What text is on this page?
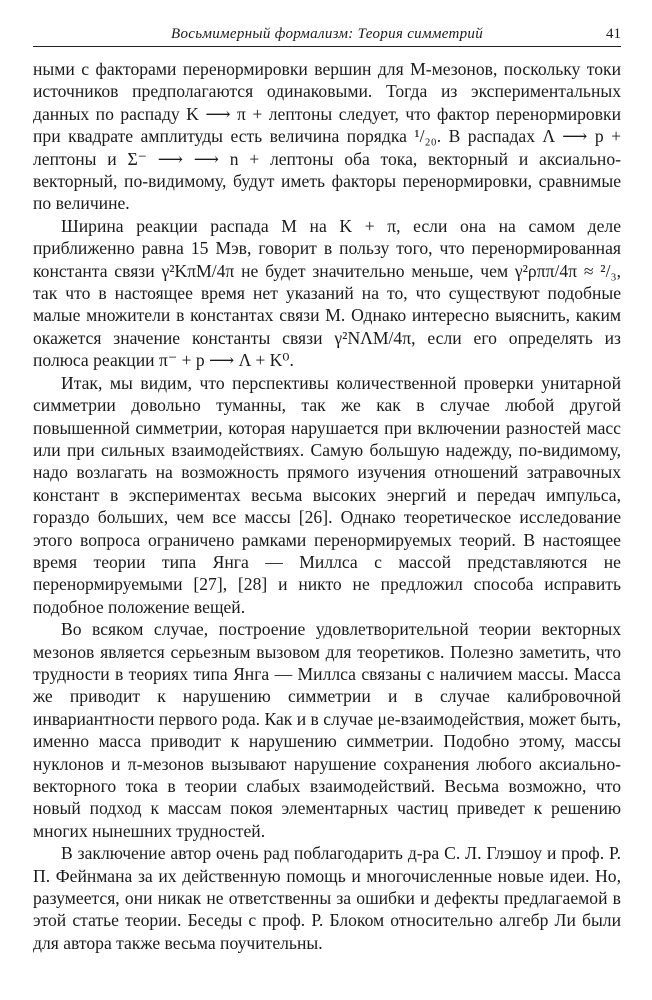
Восьмимерный формализм: Теория симметрий	41

ными с факторами перенормировки вершин для M-мезонов, поскольку токи источников предполагаются одинаковыми. Тогда из экспериментальных данных по распаду K ⟶ π + лептоны следует, что фактор перенормировки при квадрате амплитуды есть величина порядка ¹/₂₀. В распадах Λ ⟶ p + лептоны и Σ⁻ ⟶ ⟶ n + лептоны оба тока, векторный и аксиально-векторный, по-видимому, будут иметь факторы перенормировки, сравнимые по величине.

Ширина реакции распада M на K + π, если она на самом деле приближенно равна 15 Мэв, говорит в пользу того, что перенормированная константа связи γ²KπM/4π не будет значительно меньше, чем γ²ρππ/4π ≈ ²/₃, так что в настоящее время нет указаний на то, что существуют подобные малые множители в константах связи M. Однако интересно выяснить, каким окажется значение константы связи γ²NΛM/4π, если его определять из полюса реакции π⁻ + p ⟶ Λ + K⁰.

Итак, мы видим, что перспективы количественной проверки унитарной симметрии довольно туманны, так же как в случае любой другой повышенной симметрии, которая нарушается при включении разностей масс или при сильных взаимодействиях. Самую большую надежду, по-видимому, надо возлагать на возможность прямого изучения отношений затравочных констант в экспериментах весьма высоких энергий и передач импульса, гораздо больших, чем все массы [26]. Однако теоретическое исследование этого вопроса ограничено рамками перенормируемых теорий. В настоящее время теории типа Янга — Миллса с массой представляются не перенормируемыми [27], [28] и никто не предложил способа исправить подобное положение вещей.

Во всяком случае, построение удовлетворительной теории векторных мезонов является серьезным вызовом для теоретиков. Полезно заметить, что трудности в теориях типа Янга — Миллса связаны с наличием массы. Масса же приводит к нарушению симметрии и в случае калибровочной инвариантности первого рода. Как и в случае μe-взаимодействия, может быть, именно масса приводит к нарушению симметрии. Подобно этому, массы нуклонов и π-мезонов вызывают нарушение сохранения любого аксиально-векторного тока в теории слабых взаимодействий. Весьма возможно, что новый подход к массам покоя элементарных частиц приведет к решению многих нынешних трудностей.

В заключение автор очень рад поблагодарить д-ра С. Л. Глэшоу и проф. Р. П. Фейнмана за их действенную помощь и многочисленные новые идеи. Но, разумеется, они никак не ответственны за ошибки и дефекты предлагаемой в этой статье теории. Беседы с проф. Р. Блоком относительно алгебр Ли были для автора также весьма поучительны.
